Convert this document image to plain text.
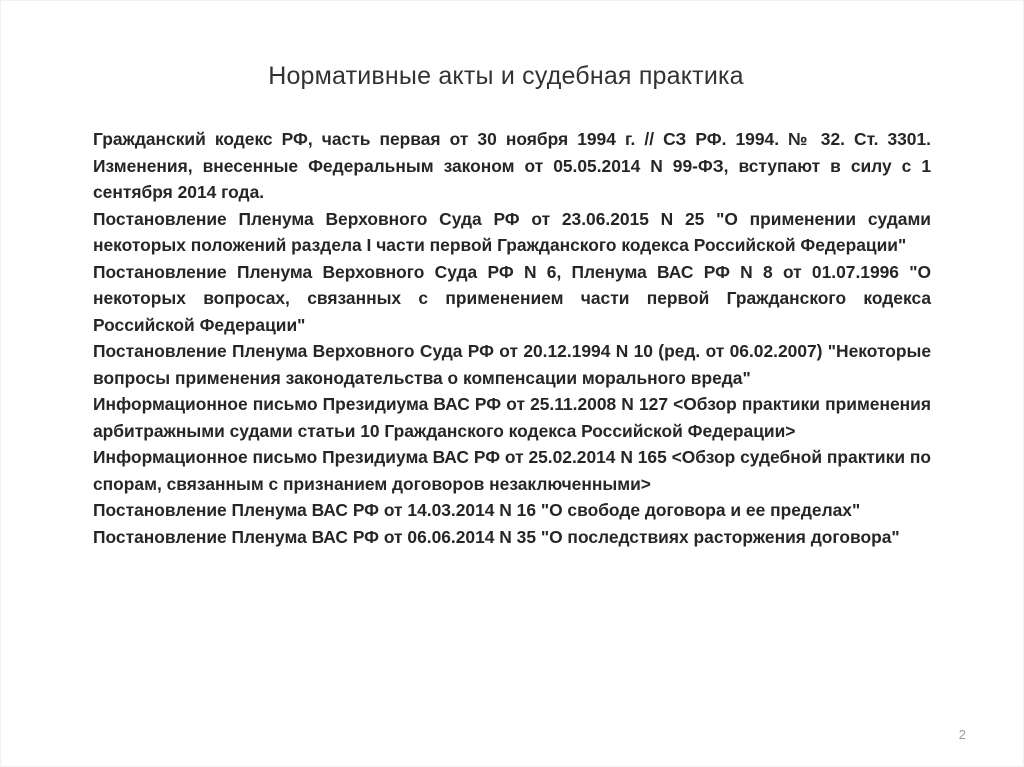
Нормативные акты и судебная практика
Гражданский кодекс РФ, часть первая от 30 ноября 1994 г. // СЗ РФ. 1994. № 32. Ст. 3301. Изменения, внесенные Федеральным законом от 05.05.2014 N 99-ФЗ, вступают в силу с 1 сентября 2014 года.
Постановление Пленума Верховного Суда РФ от 23.06.2015 N 25 "О применении судами некоторых положений раздела I части первой Гражданского кодекса Российской Федерации"
Постановление Пленума Верховного Суда РФ N 6, Пленума ВАС РФ N 8 от 01.07.1996 "О некоторых вопросах, связанных с применением части первой Гражданского кодекса Российской Федерации"
Постановление Пленума Верховного Суда РФ от 20.12.1994 N 10 (ред. от 06.02.2007) "Некоторые вопросы применения законодательства о компенсации морального вреда"
Информационное письмо Президиума ВАС РФ от 25.11.2008 N 127 <Обзор практики применения арбитражными судами статьи 10 Гражданского кодекса Российской Федерации>
Информационное письмо Президиума ВАС РФ от 25.02.2014 N 165 <Обзор судебной практики по спорам, связанным с признанием договоров незаключенными>
Постановление Пленума ВАС РФ от 14.03.2014 N 16 "О свободе договора и ее пределах"
Постановление Пленума ВАС РФ от 06.06.2014 N 35 "О последствиях расторжения договора"
2
